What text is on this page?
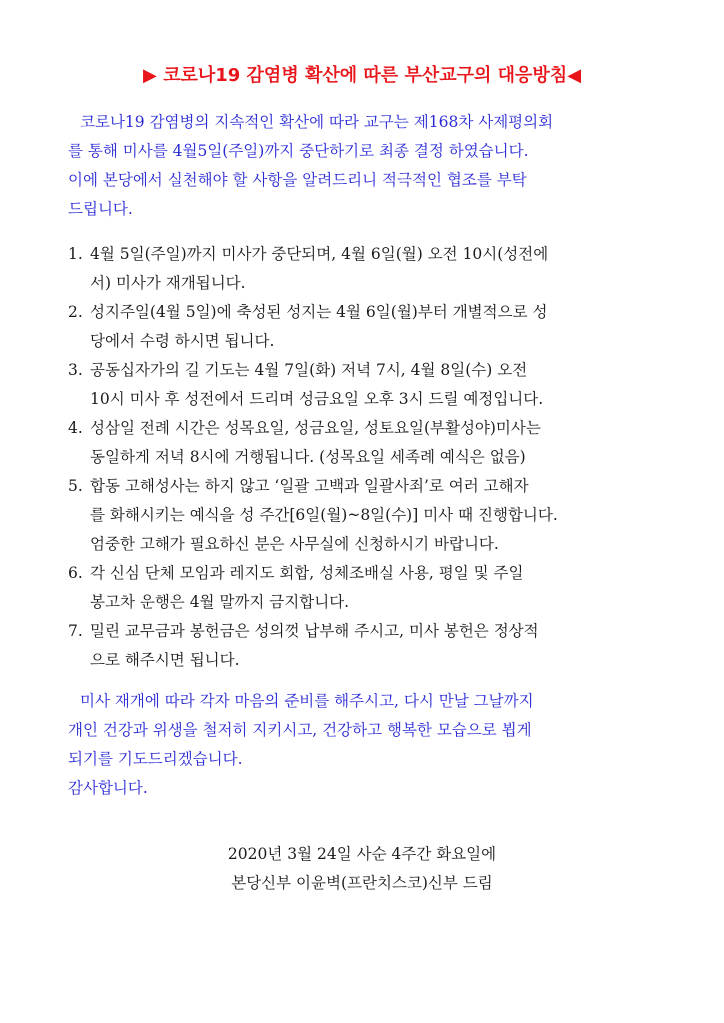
▶ 코로나19 감염병 확산에 따른 부산교구의 대응방침◀
코로나19 감염병의 지속적인 확산에 따라 교구는 제168차 사제평의회
를 통해 미사를 4월5일(주일)까지 중단하기로 최종 결정 하였습니다.
이에 본당에서 실천해야 할 사항을 알려드리니 적극적인 협조를 부탁
드립니다.
1. 4월 5일(주일)까지 미사가 중단되며, 4월 6일(월) 오전 10시(성전에
서) 미사가 재개됩니다.
2. 성지주일(4월 5일)에 축성된 성지는 4월 6일(월)부터 개별적으로 성
당에서 수령 하시면 됩니다.
3. 공동십자가의 길 기도는 4월 7일(화) 저녁 7시, 4월 8일(수) 오전
10시 미사 후 성전에서 드리며 성금요일 오후 3시 드릴 예정입니다.
4. 성삼일 전례 시간은 성목요일, 성금요일, 성토요일(부활성야)미사는
동일하게 저녁 8시에 거행됩니다. (성목요일 세족례 예식은 없음)
5. 합동 고해성사는 하지 않고 ‘일괄 고백과 일괄사죄’로 여러 고해자
를 화해시키는 예식을 성 주간[6일(월)~8일(수)] 미사 때 진행합니다.
엄중한 고해가 필요하신 분은 사무실에 신청하시기 바랍니다.
6. 각 신심 단체 모임과 레지도 회합, 성체조배실 사용, 평일 및 주일
봉고차 운행은 4월 말까지 금지합니다.
7. 밀린 교무금과 봉헌금은 성의껏 납부해 주시고, 미사 봉헌은 정상적
으로 해주시면 됩니다.
미사 재개에 따라 각자 마음의 준비를 해주시고, 다시 만날 그날까지
개인 건강과 위생을 철저히 지키시고, 건강하고 행복한 모습으로 뵙게
되기를 기도드리겠습니다.
감사합니다.
2020년 3월 24일 사순 4주간 화요일에
본당신부 이윤벽(프란치스코)신부 드림
